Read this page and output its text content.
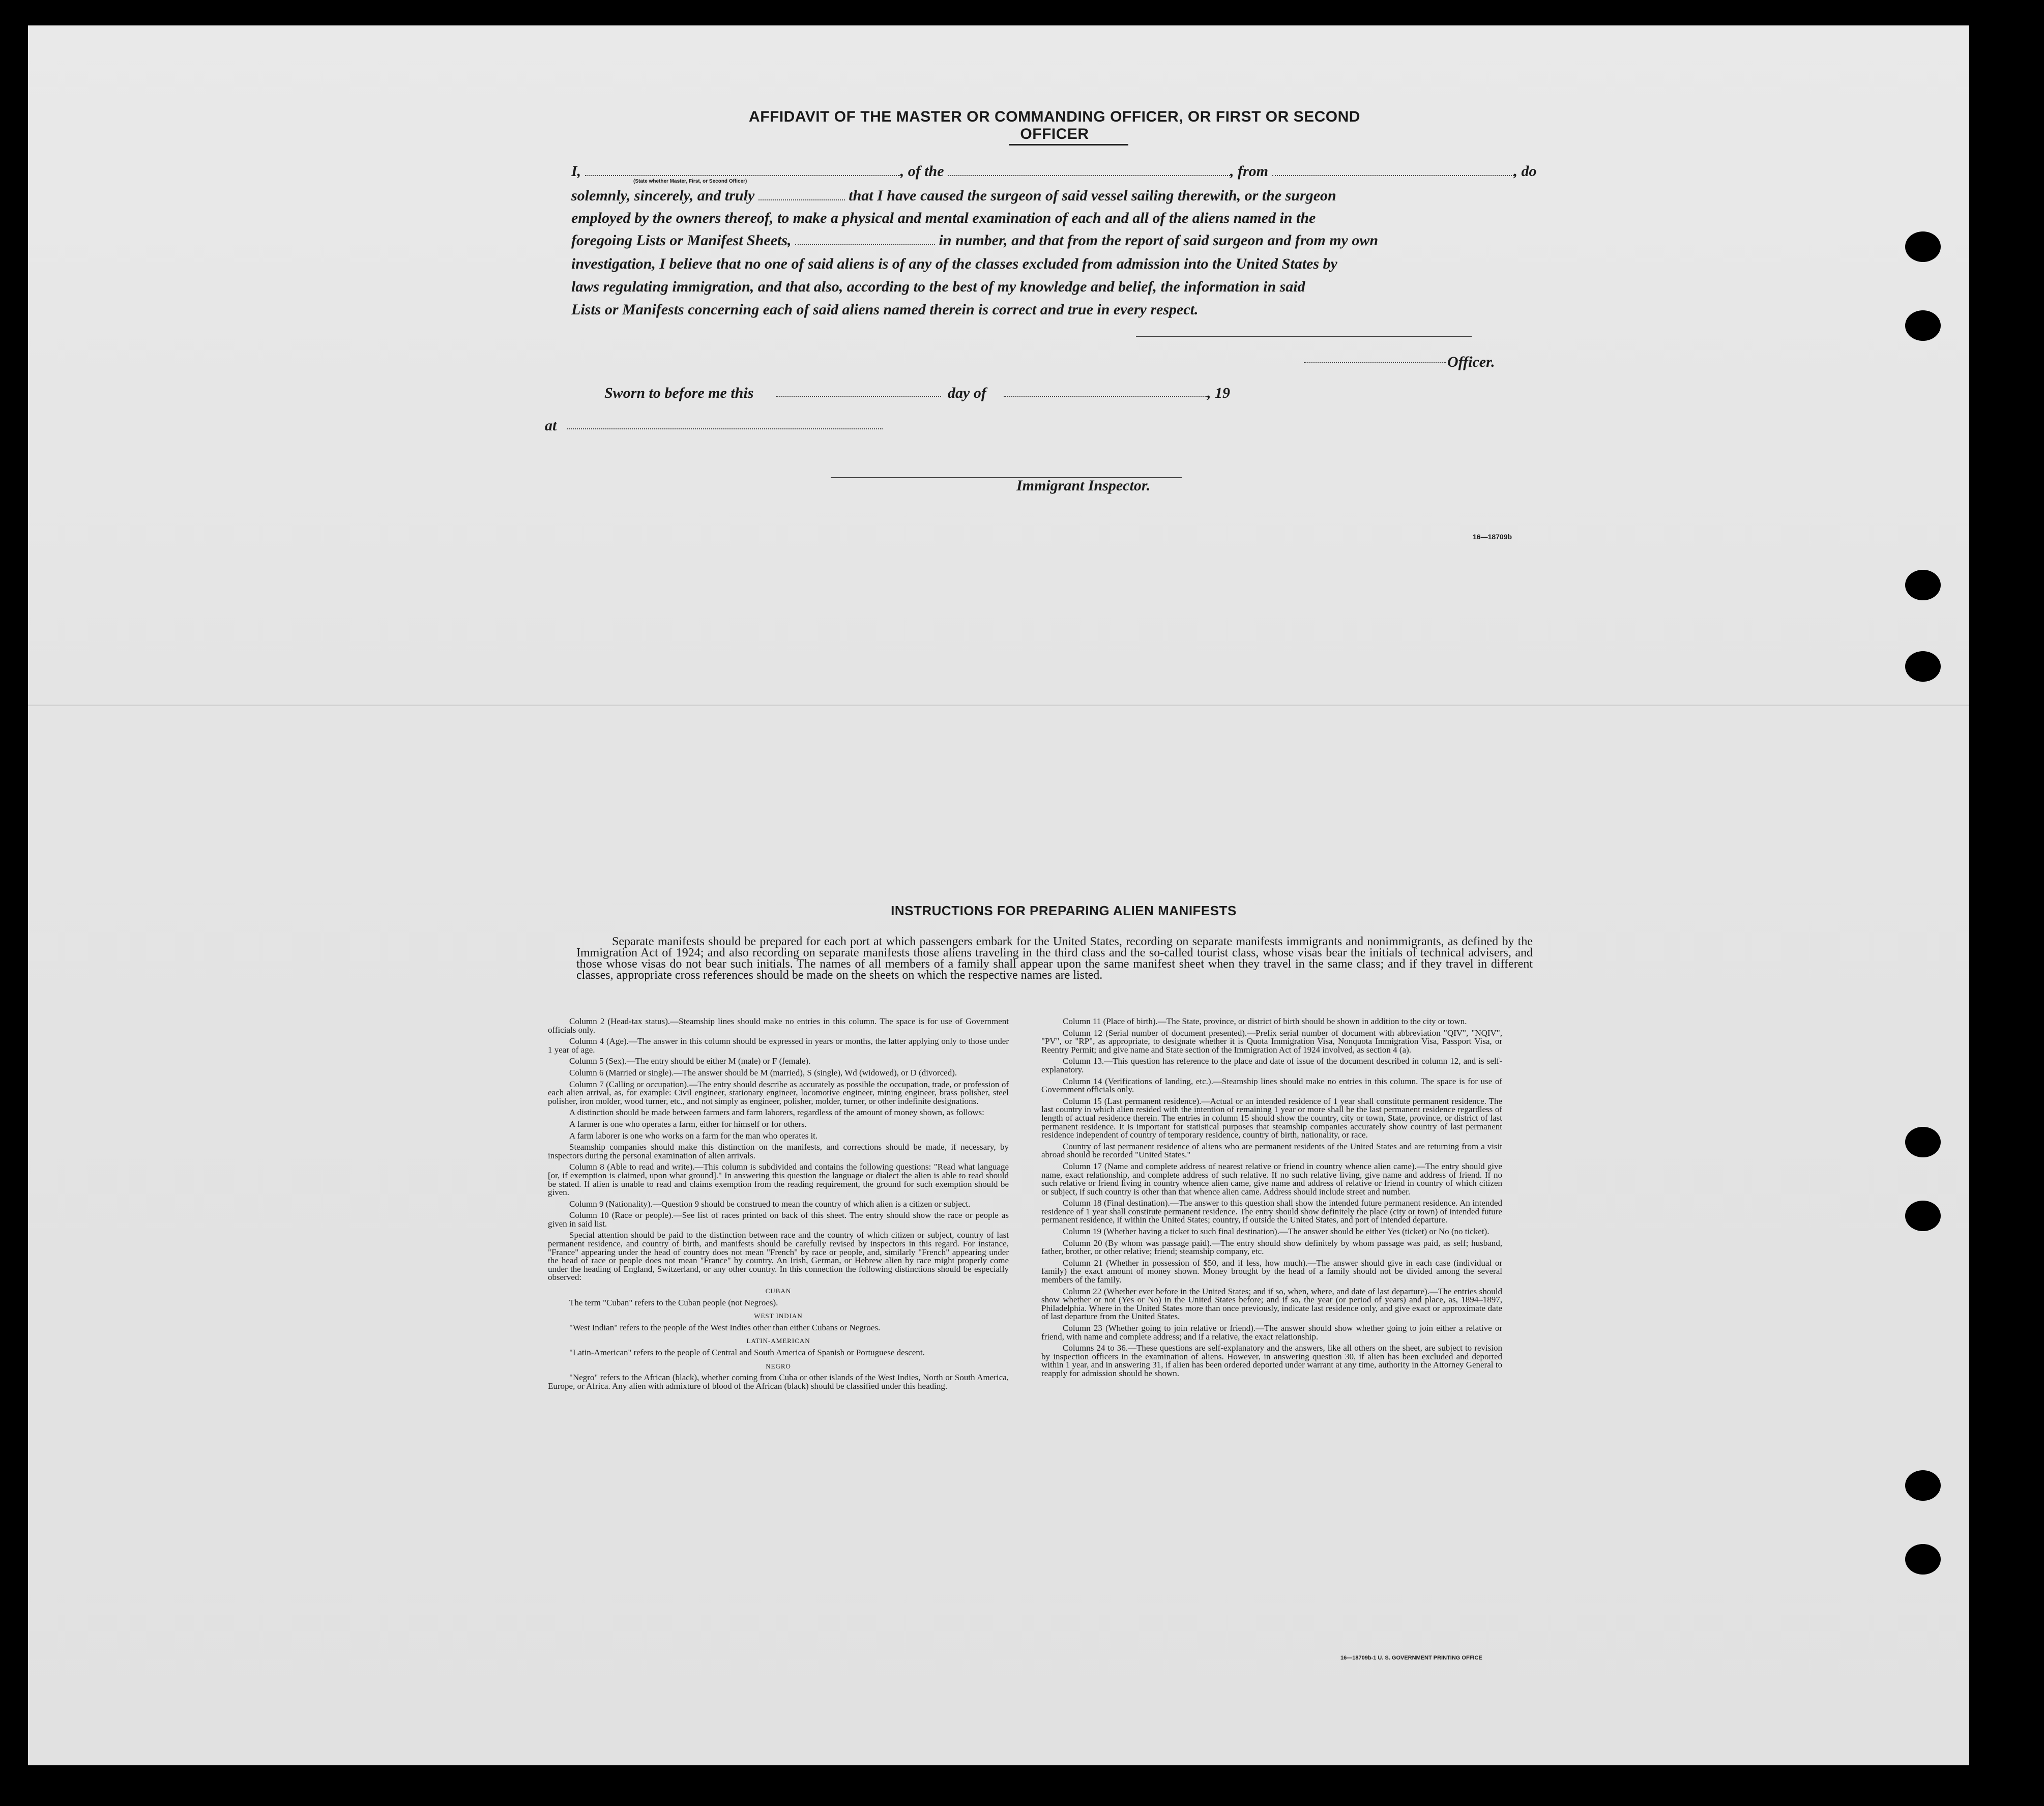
AFFIDAVIT OF THE MASTER OR COMMANDING OFFICER, OR FIRST OR SECOND OFFICER
I,	, of the	, from	, do
(State whether Master, First, or Second Officer)
solemnly, sincerely, and truly	that I have caused the surgeon of said vessel sailing therewith, or the surgeon
employed by the owners thereof, to make a physical and mental examination of each and all of the aliens named in the
foregoing Lists or Manifest Sheets,	in number, and that from the report of said surgeon and from my own
investigation, I believe that no one of said aliens is of any of the classes excluded from admission into the United States by
laws regulating immigration, and that also, according to the best of my knowledge and belief, the information in said
Lists or Manifests concerning each of said aliens named therein is correct and true in every respect.
Officer.
Sworn to before me this	day of	, 19
at
Immigrant Inspector.
16—18709b
INSTRUCTIONS FOR PREPARING ALIEN MANIFESTS
Separate manifests should be prepared for each port at which passengers embark for the United States, recording on separate manifests immigrants and nonimmigrants, as defined by the Immigration Act of 1924; and also recording on separate manifests those aliens traveling in the third class and the so-called tourist class, whose visas bear the initials of technical advisers, and those whose visas do not bear such initials. The names of all members of a family shall appear upon the same manifest sheet when they travel in the same class; and if they travel in different classes, appropriate cross references should be made on the sheets on which the respective names are listed.

Column 2 (Head-tax status).—Steamship lines should make no entries in this column. The space is for use of Government officials only.

Column 4 (Age).—The answer in this column should be expressed in years or months, the latter applying only to those under 1 year of age.

Column 5 (Sex).—The entry should be either M (male) or F (female).

Column 6 (Married or single).—The answer should be M (married), S (single), Wd (widowed), or D (divorced).

Column 7 (Calling or occupation).—The entry should describe as accurately as possible the occupation, trade, or profession of each alien arrival, as, for example: Civil engineer, stationary engineer, locomotive engineer, mining engineer, brass polisher, steel polisher, iron molder, wood turner, etc., and not simply as engineer, polisher, molder, turner, or other indefinite designations.

A distinction should be made between farmers and farm laborers, regardless of the amount of money shown, as follows:

A farmer is one who operates a farm, either for himself or for others.

A farm laborer is one who works on a farm for the man who operates it.

Steamship companies should make this distinction on the manifests, and corrections should be made, if necessary, by inspectors during the personal examination of alien arrivals.

Column 8 (Able to read and write).—This column is subdivided and contains the following questions: "Read what language [or, if exemption is claimed, upon what ground]." In answering this question the language or dialect the alien is able to read should be stated. If alien is unable to read and claims exemption from the reading requirement, the ground for such exemption should be given.

Column 9 (Nationality).—Question 9 should be construed to mean the country of which alien is a citizen or subject.

Column 10 (Race or people).—See list of races printed on back of this sheet. The entry should show the race or people as given in said list.

Special attention should be paid to the distinction between race and the country of which citizen or subject, country of last permanent residence, and country of birth, and manifests should be carefully revised by inspectors in this regard. For instance, "France" appearing under the head of country does not mean "French" by race or people, and, similarly "French" appearing under the head of race or people does not mean "France" by country. An Irish, German, or Hebrew alien by race might properly come under the heading of England, Switzerland, or any other country. In this connection the following distinctions should be especially observed:

CUBAN

The term "Cuban" refers to the Cuban people (not Negroes).

WEST INDIAN

"West Indian" refers to the people of the West Indies other than either Cubans or Negroes.

LATIN-AMERICAN

"Latin-American" refers to the people of Central and South America of Spanish or Portuguese descent.

NEGRO

"Negro" refers to the African (black), whether coming from Cuba or other islands of the West Indies, North or South America, Europe, or Africa. Any alien with admixture of blood of the African (black) should be classified under this heading.

Column 11 (Place of birth).—The State, province, or district of birth should be shown in addition to the city or town.

Column 12 (Serial number of document presented).—Prefix serial number of document with abbreviation "QIV", "NQIV", "PV", or "RP", as appropriate, to designate whether it is Quota Immigration Visa, Nonquota Immigration Visa, Passport Visa, or Reentry Permit; and give name and State section of the Immigration Act of 1924 involved, as section 4 (a).

Column 13.—This question has reference to the place and date of issue of the document described in column 12, and is self-explanatory.

Column 14 (Verifications of landing, etc.).—Steamship lines should make no entries in this column. The space is for use of Government officials only.

Column 15 (Last permanent residence).—Actual or an intended residence of 1 year shall constitute permanent residence. The last country in which alien resided with the intention of remaining 1 year or more shall be the last permanent residence regardless of length of actual residence therein. The entries in column 15 should show the country, city or town, State, province, or district of last permanent residence. It is important for statistical purposes that steamship companies accurately show country of last permanent residence independent of country of temporary residence, country of birth, nationality, or race.

Country of last permanent residence of aliens who are permanent residents of the United States and are returning from a visit abroad should be recorded "United States."

Column 17 (Name and complete address of nearest relative or friend in country whence alien came).—The entry should give name, exact relationship, and complete address of such relative. If no such relative living, give name and address of friend. If no such relative or friend living in country whence alien came, give name and address of relative or friend in country of which citizen or subject, if such country is other than that whence alien came. Address should include street and number.

Column 18 (Final destination).—The answer to this question shall show the intended future permanent residence. An intended residence of 1 year shall constitute permanent residence. The entry should show definitely the place (city or town) of intended future permanent residence, if within the United States; country, if outside the United States, and port of intended departure.

Column 19 (Whether having a ticket to such final destination).—The answer should be either Yes (ticket) or No (no ticket).

Column 20 (By whom was passage paid).—The entry should show definitely by whom passage was paid, as self; husband, father, brother, or other relative; friend; steamship company, etc.

Column 21 (Whether in possession of $50, and if less, how much).—The answer should give in each case (individual or family) the exact amount of money shown. Money brought by the head of a family should not be divided among the several members of the family.

Column 22 (Whether ever before in the United States; and if so, when, where, and date of last departure).—The entries should show whether or not (Yes or No) in the United States before; and if so, the year (or period of years) and place, as, 1894–1897, Philadelphia. Where in the United States more than once previously, indicate last residence only, and give exact or approximate date of last departure from the United States.

Column 23 (Whether going to join relative or friend).—The answer should show whether going to join either a relative or friend, with name and complete address; and if a relative, the exact relationship.

Columns 24 to 36.—These questions are self-explanatory and the answers, like all others on the sheet, are subject to revision by inspection officers in the examination of aliens. However, in answering question 30, if alien has been excluded and deported within 1 year, and in answering 31, if alien has been ordered deported under warrant at any time, authority in the Attorney General to reapply for admission should be shown.

16—18709b-1 U. S. GOVERNMENT PRINTING OFFICE
